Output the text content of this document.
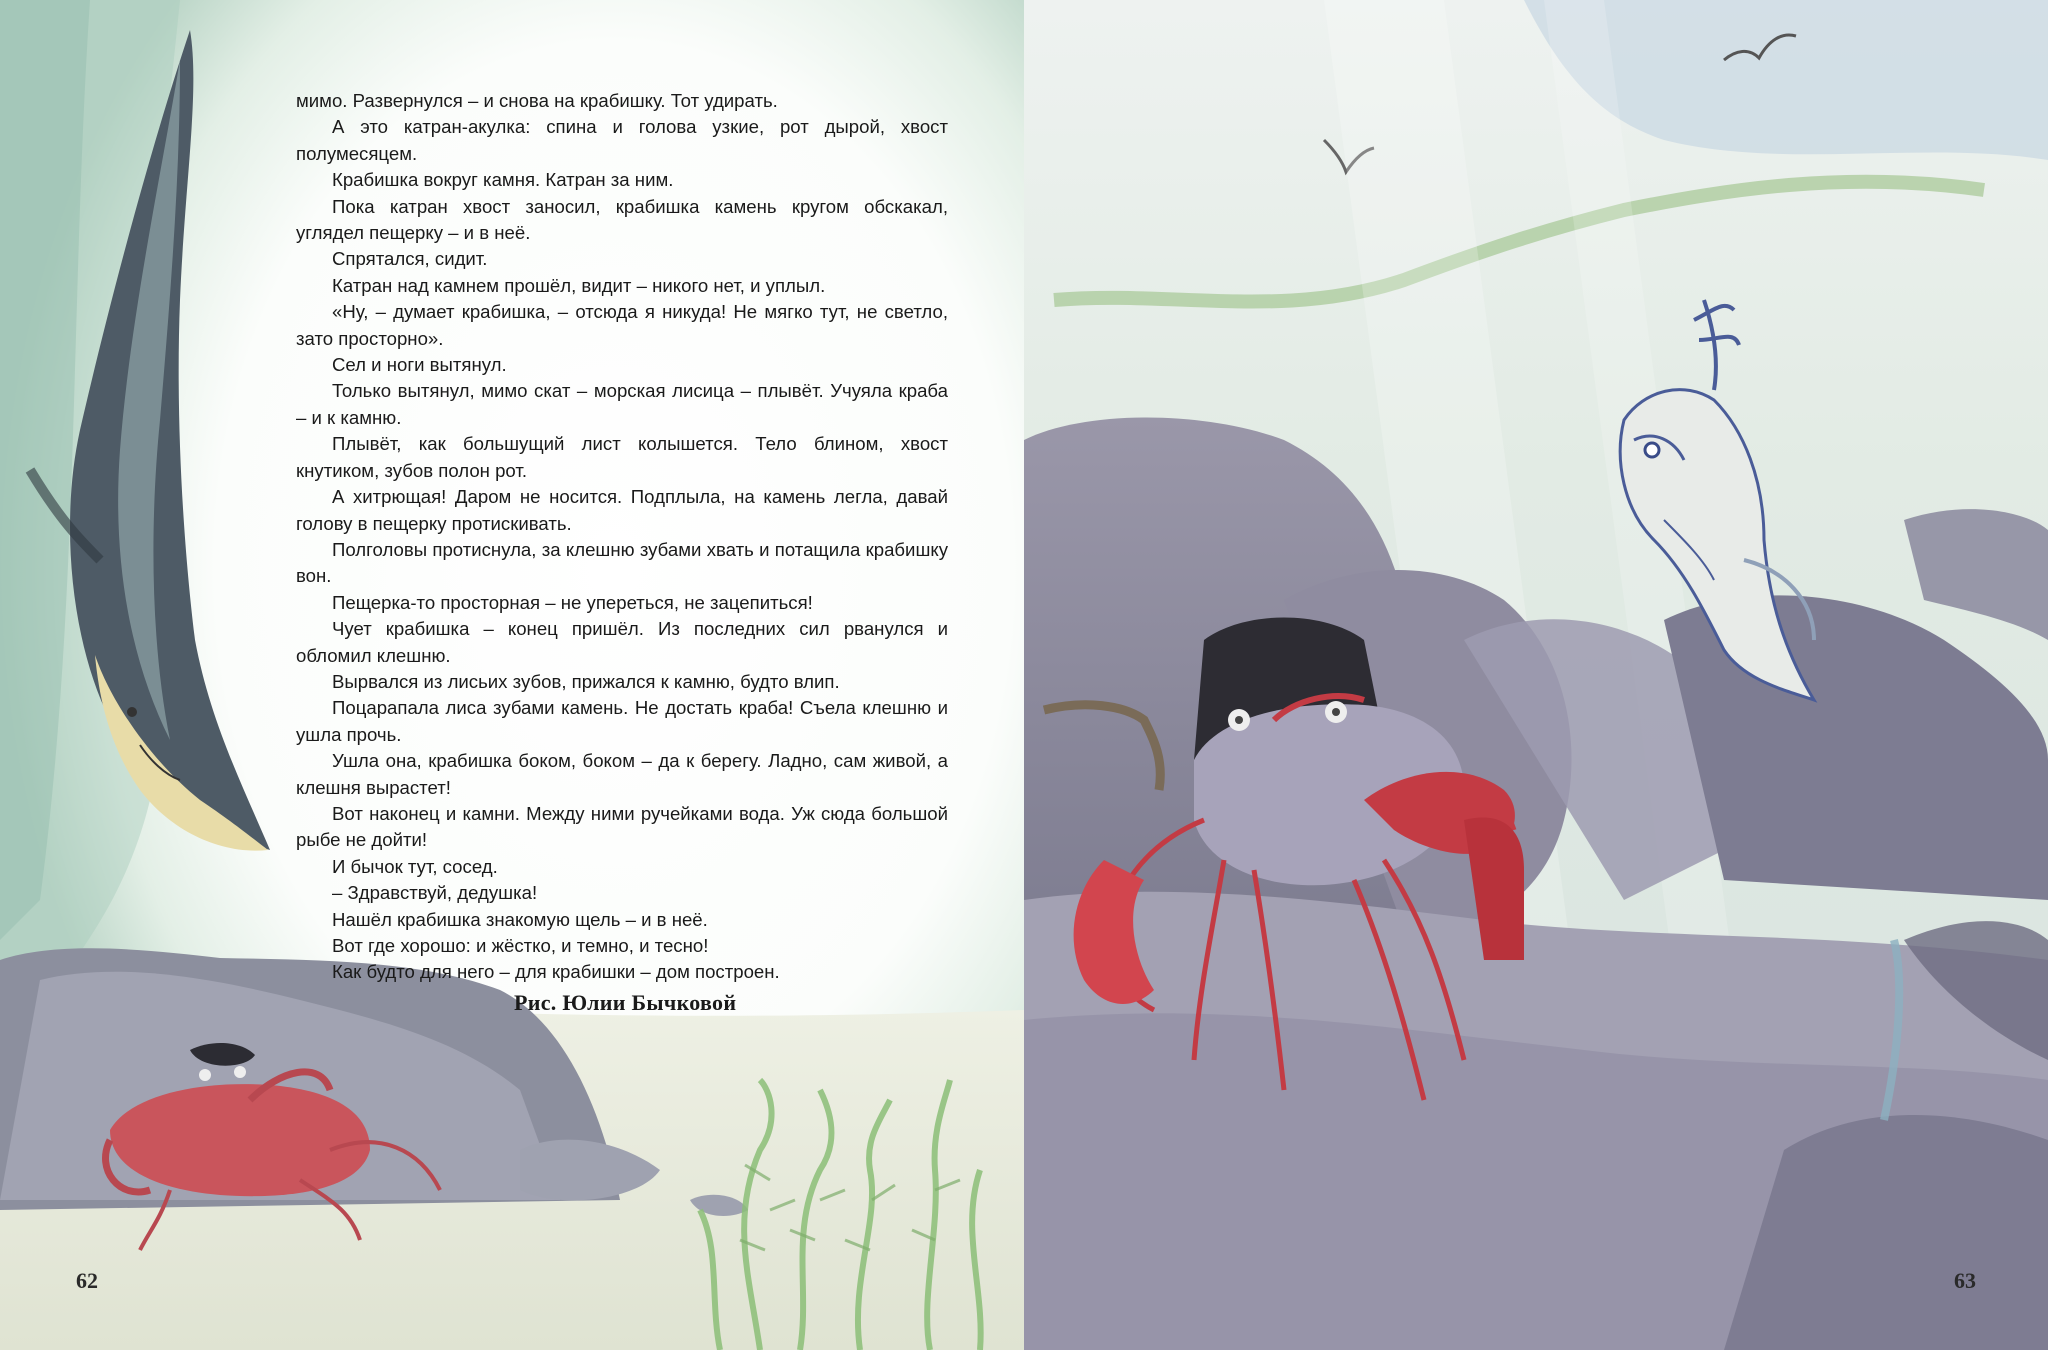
мимо. Развернулся – и снова на крабишку. Тот удирать.

А это катран-акулка: спина и голова узкие, рот дырой, хвост полумесяцем.

Крабишка вокруг камня. Катран за ним.

Пока катран хвост заносил, крабишка камень кругом обскакал, углядел пещерку – и в неё.

Спрятался, сидит.

Катран над камнем прошёл, видит – никого нет, и уплыл.

«Ну, – думает крабишка, – отсюда я никуда! Не мягко тут, не светло, зато просторно».

Сел и ноги вытянул.

Только вытянул, мимо скат – морская лисица – плывёт. Учуяла краба – и к камню.

Плывёт, как большущий лист колышется. Тело блином, хвост кнутиком, зубов полон рот.

А хитрющая! Даром не носится. Подплыла, на камень легла, давай голову в пещерку протискивать.

Полголовы протиснула, за клешню зубами хвать и потащила крабишку вон.

Пещерка-то просторная – не упереться, не зацепиться!

Чует крабишка – конец пришёл. Из последних сил рванулся и обломил клешню.

Вырвался из лисьих зубов, прижался к камню, будто влип.

Поцарапала лиса зубами камень. Не достать краба! Съела клешню и ушла прочь.

Ушла она, крабишка боком, боком – да к берегу. Ладно, сам живой, а клешня вырастет!

Вот наконец и камни. Между ними ручейками вода. Уж сюда большой рыбе не дойти!

И бычок тут, сосед.

– Здравствуй, дедушка!

Нашёл крабишка знакомую щель – и в неё.

Вот где хорошо: и жёстко, и темно, и тесно!

Как будто для него – для крабишки – дом построен.

Рис. Юлии Бычковой
62	63
